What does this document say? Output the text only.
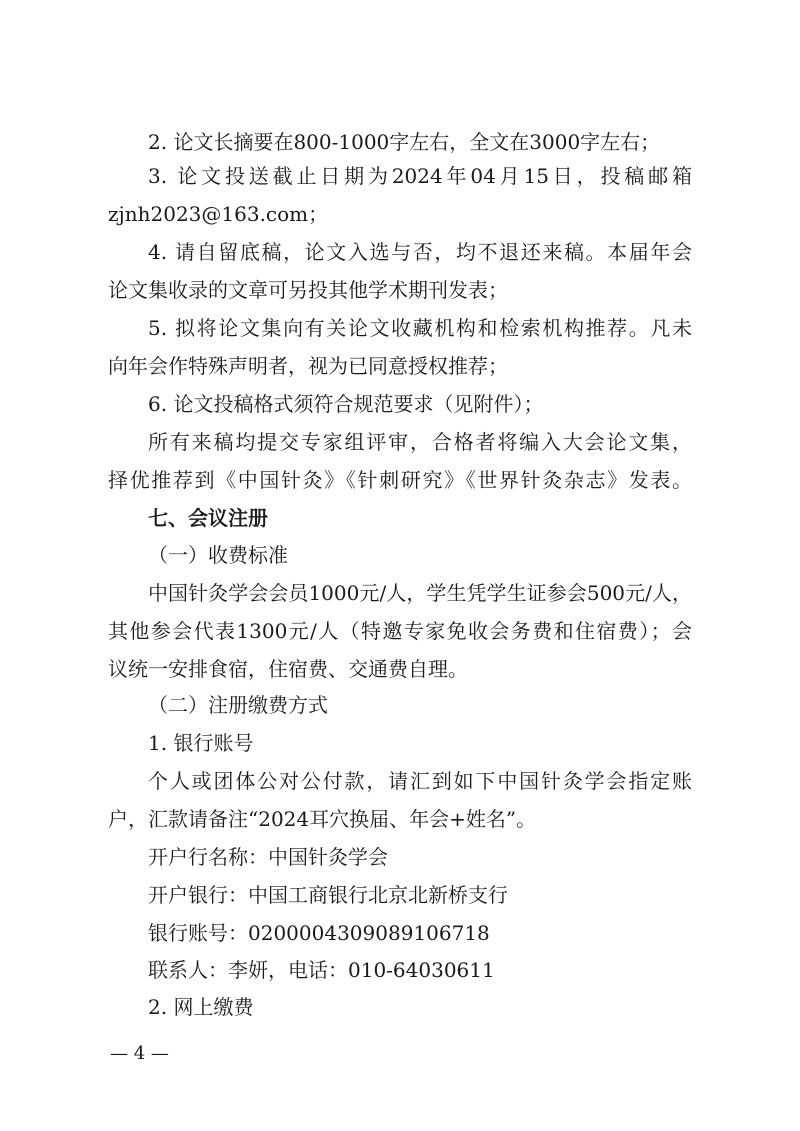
2. 论文长摘要在800-1000字左右，全文在3000字左右；
3. 论文投送截止日期为2024年04月15日，投稿邮箱
zjnh2023@163.com；
4. 请自留底稿，论文入选与否，均不退还来稿。本届年会
论文集收录的文章可另投其他学术期刊发表；
5. 拟将论文集向有关论文收藏机构和检索机构推荐。凡未
向年会作特殊声明者，视为已同意授权推荐；
6. 论文投稿格式须符合规范要求（见附件）；
所有来稿均提交专家组评审，合格者将编入大会论文集，
择优推荐到《中国针灸》《针刺研究》《世界针灸杂志》发表。
七、会议注册
（一）收费标准
中国针灸学会会员1000元/人，学生凭学生证参会500元/人，
其他参会代表1300元/人（特邀专家免收会务费和住宿费）；会
议统一安排食宿，住宿费、交通费自理。
（二）注册缴费方式
1. 银行账号
个人或团体公对公付款，请汇到如下中国针灸学会指定账
户，汇款请备注“2024耳穴换届、年会+姓名”。
开户行名称：中国针灸学会
开户银行：中国工商银行北京北新桥支行
银行账号：0200004309089106718
联系人：李妍，电话：010-64030611
2. 网上缴费
— 4 —
